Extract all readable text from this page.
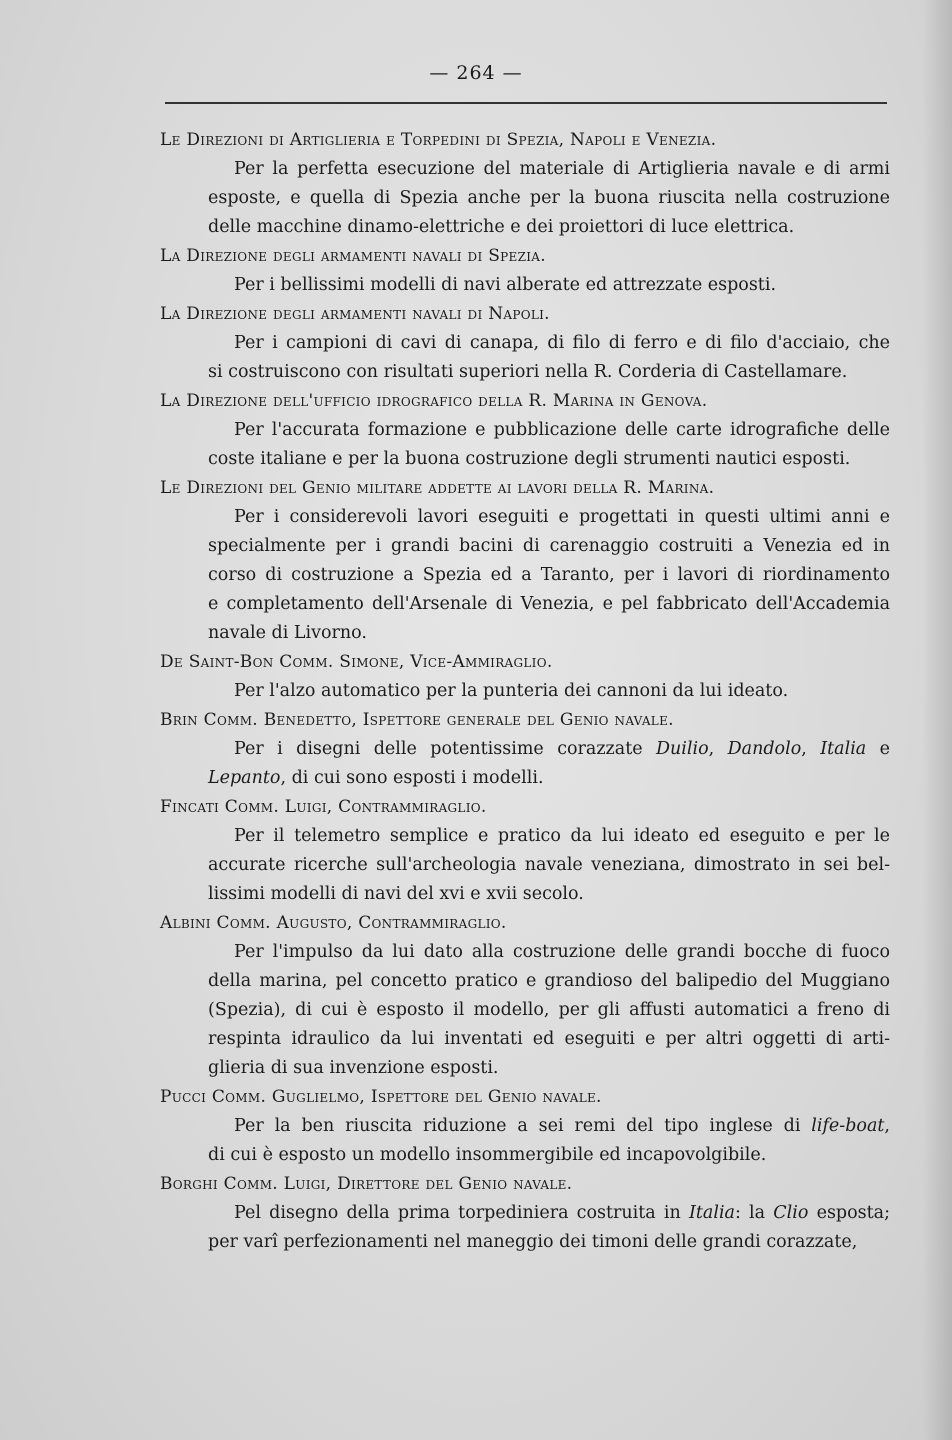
— 264 —
Le Direzioni di Artiglieria e Torpedini di Spezia, Napoli e Venezia.
Per la perfetta esecuzione del materiale di Artiglieria navale e di armi
esposte, e quella di Spezia anche per la buona riuscita nella costruzione
delle macchine dinamo-elettriche e dei proiettori di luce elettrica.
La Direzione degli armamenti navali di Spezia.
Per i bellissimi modelli di navi alberate ed attrezzate esposti.
La Direzione degli armamenti navali di Napoli.
Per i campioni di cavi di canapa, di filo di ferro e di filo d'acciaio, che
si costruiscono con risultati superiori nella R. Corderia di Castellamare.
La Direzione dell'ufficio idrografico della R. Marina in Genova.
Per l'accurata formazione e pubblicazione delle carte idrografiche delle
coste italiane e per la buona costruzione degli strumenti nautici esposti.
Le Direzioni del Genio militare addette ai lavori della R. Marina.
Per i considerevoli lavori eseguiti e progettati in questi ultimi anni e
specialmente per i grandi bacini di carenaggio costruiti a Venezia ed in
corso di costruzione a Spezia ed a Taranto, per i lavori di riordinamento
e completamento dell'Arsenale di Venezia, e pel fabbricato dell'Accademia
navale di Livorno.
De Saint-Bon Comm. Simone, Vice-Ammiraglio.
Per l'alzo automatico per la punteria dei cannoni da lui ideato.
Brin Comm. Benedetto, Ispettore generale del Genio navale.
Per i disegni delle potentissime corazzate Duilio, Dandolo, Italia e
Lepanto, di cui sono esposti i modelli.
Fincati Comm. Luigi, Contrammiraglio.
Per il telemetro semplice e pratico da lui ideato ed eseguito e per le
accurate ricerche sull'archeologia navale veneziana, dimostrato in sei bel-
lissimi modelli di navi del xvi e xvii secolo.
Albini Comm. Augusto, Contrammiraglio.
Per l'impulso da lui dato alla costruzione delle grandi bocche di fuoco
della marina, pel concetto pratico e grandioso del balipedio del Muggiano
(Spezia), di cui è esposto il modello, per gli affusti automatici a freno di
respinta idraulico da lui inventati ed eseguiti e per altri oggetti di arti-
glieria di sua invenzione esposti.
Pucci Comm. Guglielmo, Ispettore del Genio navale.
Per la ben riuscita riduzione a sei remi del tipo inglese di life-boat,
di cui è esposto un modello insommergibile ed incapovolgibile.
Borghi Comm. Luigi, Direttore del Genio navale.
Pel disegno della prima torpediniera costruita in Italia: la Clio esposta;
per varî perfezionamenti nel maneggio dei timoni delle grandi corazzate,
